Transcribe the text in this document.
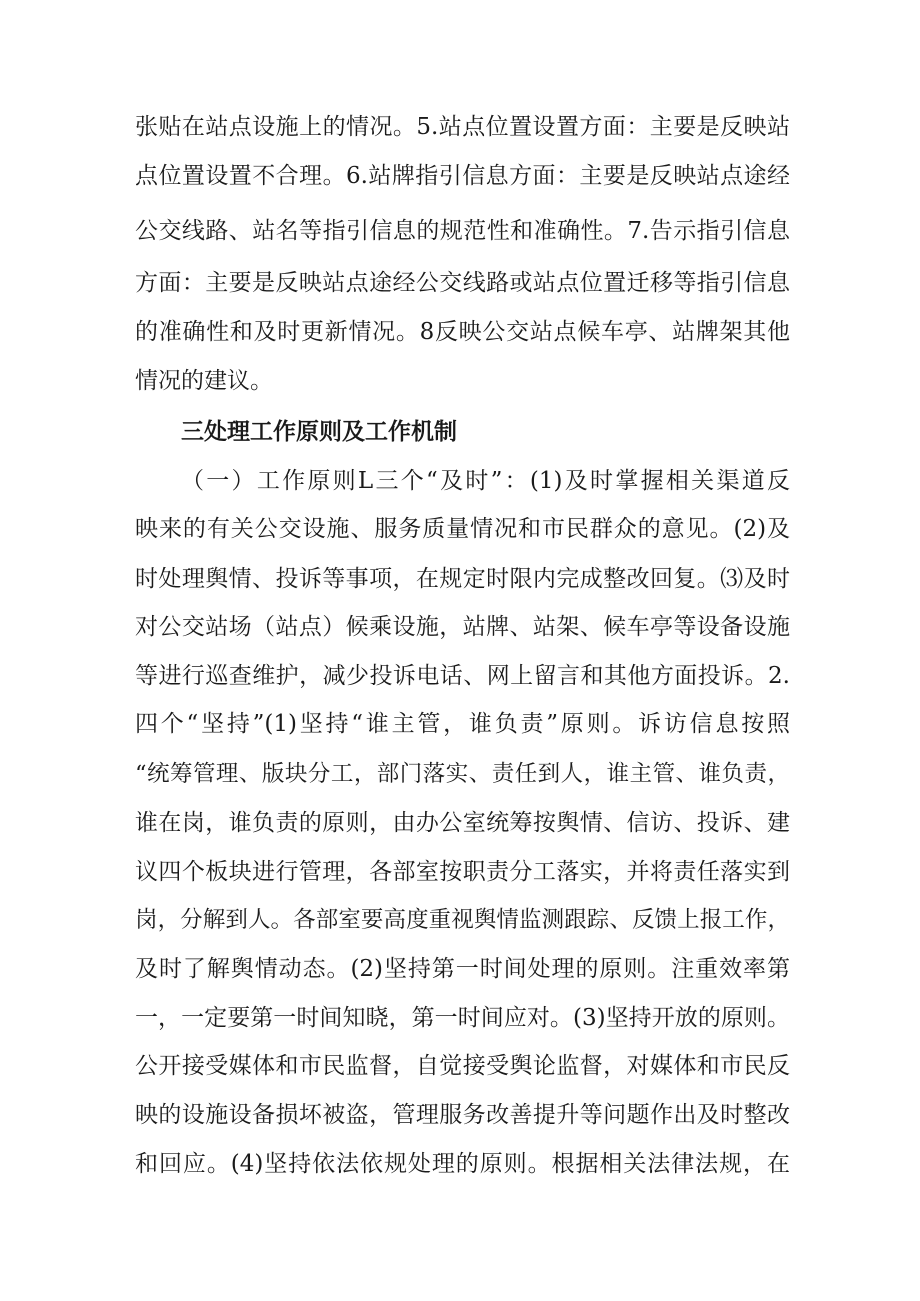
张贴在站点设施上的情况。5.站点位置设置方面：主要是反映站
点位置设置不合理。6.站牌指引信息方面：主要是反映站点途经
公交线路、站名等指引信息的规范性和准确性。7.告示指引信息
方面：主要是反映站点途经公交线路或站点位置迁移等指引信息
的准确性和及时更新情况。8反映公交站点候车亭、站牌架其他
情况的建议。
三处理工作原则及工作机制
（一）工作原则L三个“及时”：(1)及时掌握相关渠道反
映来的有关公交设施、服务质量情况和市民群众的意见。(2)及
时处理舆情、投诉等事项，在规定时限内完成整改回复。⑶及时
对公交站场（站点）候乘设施，站牌、站架、候车亭等设备设施
等进行巡查维护，减少投诉电话、网上留言和其他方面投诉。2.
四个“坚持”(1)坚持“谁主管，谁负责”原则。诉访信息按照
“统筹管理、版块分工，部门落实、责任到人，谁主管、谁负责，
谁在岗，谁负责的原则，由办公室统筹按舆情、信访、投诉、建
议四个板块进行管理，各部室按职责分工落实，并将责任落实到
岗，分解到人。各部室要高度重视舆情监测跟踪、反馈上报工作，
及时了解舆情动态。(2)坚持第一时间处理的原则。注重效率第
一，一定要第一时间知晓，第一时间应对。(3)坚持开放的原则。
公开接受媒体和市民监督，自觉接受舆论监督，对媒体和市民反
映的设施设备损坏被盗，管理服务改善提升等问题作出及时整改
和回应。(4)坚持依法依规处理的原则。根据相关法律法规，在
